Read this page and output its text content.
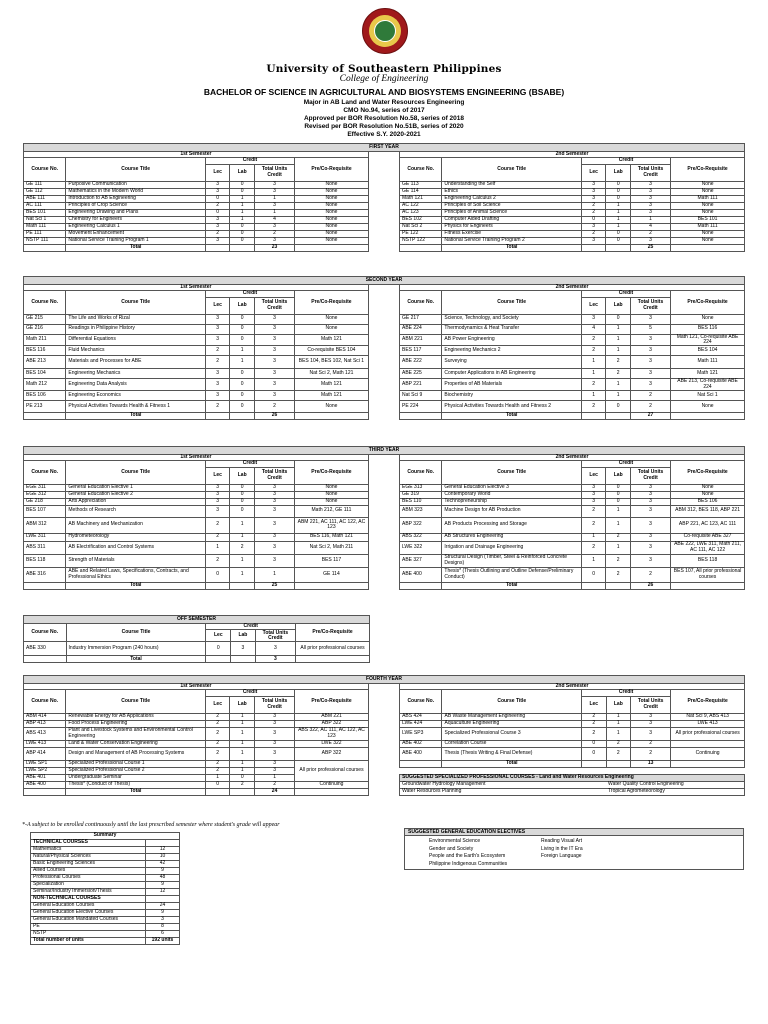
University of Southeastern Philippines
College of Engineering
BACHELOR OF SCIENCE IN AGRICULTURAL AND BIOSYSTEMS ENGINEERING (BSABE)
Major in AB Land and Water Resources Engineering
CMO No.94, series of 2017
Approved per BOR Resolution No.58, series of 2018
Revised per BOR Resolution No.51B, series of 2020
Effective S.Y. 2020-2021
FIRST YEAR												
1st Semester							2nd Semester					
Course No.	Course Title	Credit			Pre/Co-Requisite		Course No.	Course Title	Credit			Pre/Co-Requisite
		Lec	Lab	Total Units Credit					Lec	Lab	Total Units Credit	
GE 111	Purposive Communication	3	0	3	None		GE 113	Understanding the Self	3	0	3	None
GE 112	Mathematics in the Modern World	3	0	3	None		GE 114	Ethics	3	0	3	None
ABE 111	Introduction to AB Engineering	0	1	1	None		Math 121	Engineering Calculus 2	3	0	3	Math 111
AC 111	Principles of Crop Science	2	1	3	None		AC 122	Principles of Soil Science	2	1	3	None
BES 101	Engineering Drawing and Plans	0	1	1	None		AC 123	Principles of Animal Science	2	1	3	None
Nat Sci 1	Chemistry for Engineers	3	1	4	None		BES 102	Computer Aided Drafting	0	1	1	BES 101
Math 111	Engineering Calculus 1	3	0	3	None		Nat Sci 2	Physics for Engineers	3	1	4	Math 111
PE 111	Movement Enhancement	2	0	2	None		PE 122	Fitness Exercise	2	0	2	None
NSTP 111	National Service Training Program 1	3	0	3	None		NSTP 122	National Service Training Program 2	3	0	3	None
	Total			23				Total			25	
SECOND YEAR												
1st Semester							2nd Semester					
Course No.	Course Title	Credit			Pre/Co-Requisite		Course No.	Course Title	Credit			Pre/Co-Requisite
		Lec	Lab	Total Units Credit					Lec	Lab	Total Units Credit	
GE 215	The Life and Works of Rizal	3	0	3	None		GE 217	Science, Technology, and Society	3	0	3	None
GE 216	Readings in Philippine History	3	0	3	None		ABE 224	Thermodynamics & Heat Transfer	4	1	5	BES 116
Math 211	Differential Equations	3	0	3	Math 121		ABM 221	AB Power Engineering	2	1	3	Math 121, Co-requisite ABE 224
BES 116	Fluid Mechanics	2	1	3	Co-requisite BES 104		BES 117	Engineering Mechanics 2	2	1	3	BES 104
ABE 213	Materials and Processes for ABE	2	1	3	BES 104, BES 102, Nat Sci 1		ABE 222	Surveying	1	2	3	Math 111
BES 104	Engineering Mechanics	3	0	3	Nat Sci 2, Math 121		ABE 225	Computer Applications in AB Engineering	1	2	3	Math 121
Math 212	Engineering Data Analysis	3	0	3	Math 121		ABP 221	Properties of AB Materials	2	1	3	ABE 213, Co-requisite ABE 224
BES 106	Engineering Economics	3	0	3	Math 121		Nat Sci 9	Biochemistry	1	1	2	Nat Sci 1
PE 213	Physical Activities Towards Health & Fitness 1	2	0	2	None		PE 224	Physical Activities Towards Health and Fitness 2	2	0	2	None
	Total			26				Total			27	
THIRD YEAR												
1st Semester							2nd Semester					
Course No.	Course Title	Credit			Pre/Co-Requisite		Course No.	Course Title	Credit			Pre/Co-Requisite
		Lec	Lab	Total Units Credit					Lec	Lab	Total Units Credit	
EGE 311	General Education Elective 1	3	0	3	None		EGE 313	General Education Elective 3	3	0	3	None
EGE 312	General Education Elective 2	3	0	3	None		GE 319	Contemporary World	3	0	3	None
GE 218	Arts Appreciation	3	0	3	None		BES 110	Technopreneurship	3	0	3	BES 106
BES 107	Methods of Research	3	0	3	Math 212, GE 111		ABM 323	Machine Design for AB Production	2	1	3	ABM 312, BES 118, ABP 221
ABM 312	AB Machinery and Mechanization	2	1	3	ABM 221, AC 111, AC 122, AC 123		ABP 322	AB Products Processing and Storage	2	1	3	ABP 221, AC 123, AC 111
LWE 311	Hydrometeorology	2	1	3	BES 116, Math 121		ABS 322	AB Structures Engineering	1	2	3	Co-requisite ABE 327
ABS 311	AB Electrification and Control Systems	1	2	3	Nat Sci 2, Math 211		LWE 322	Irrigation and Drainage Engineering	2	1	3	ABE 222, LWE 311, Math 211, AC 111, AC 122
BES 118	Strength of Materials	2	1	3	BES 117		ABE 327	Structural Design (Timber, Steel & Reinforced Concrete Designs)	1	2	3	BES 118
ABE 316	ABE and Related Laws, Specifications, Contracts, and Professional Ethics	0	1	1	GE 114		ABE 400	Thesis* (Thesis Outlining and Outline Defense/Preliminary Conduct)	0	2	2	BES 107, All prior professional courses
	Total			25				Total			26	
OFF SEMESTER					
Course No.	Course Title	Credit			Pre/Co-Requisite
		Lec	Lab	Total Units Credit	
ABE 330	Industry Immersion Program (240 hours)	0	3	3	All prior professional courses
	Total			3	
FOURTH YEAR												
1st Semester							2nd Semester					
Course No.	Course Title	Credit			Pre/Co-Requisite		Course No.	Course Title	Credit			Pre/Co-Requisite
		Lec	Lab	Total Units Credit					Lec	Lab	Total Units Credit	
ABM 414	Renewable Energy for AB Applications	2	1	3	ABM 221		ABS 424	AB Waste Management Engineering	2	1	3	Nat Sci 9, ABS 413
ABP 413	Food Process Engineering	2	1	3	ABP 322		LWE 424	Aquaculture Engineering	2	1	3	LWE 413
ABS 413	Plant and Livestock Systems and Environmental Control Engineering	2	1	3	ABS 322, AC 111, AC 122, AC 123		LWE SP3	Specialized Professional Course 3	2	1	3	All prior professional courses
LWE 413	Land & Water Conservation Engineering	2	1	3	LWE 322		ABE 402	Correlation Course	0	2	2	
ABP 414	Design and Management of AB Processing Systems	2	1	3	ABP 322		ABE 400	Thesis (Thesis Writing & Final Defense)	0	2	2	Continuing
LWE SP1	Specialized Professional Course 1	2	1	3	All prior professional courses			Total			13	
LWE SP2	Specialized Professional Course 2	2	1	3								
ABE 401	Undergraduate Seminar	1	0	1			SUGGESTED SPECIALIZED PROFESSIONAL COURSES - Land and Water Resources Engineering					
ABE 400	Thesis* (Conduct of Thesis)	0	2	2	Continuing		Groundwater Hydrology Management			Water Quality Control Engineering		
	Total			24			Water Resources Planning			Tropical Agrometeorology		
*-A subject to be enrolled continuously until the last prescribed semester where student's grade will appear
Summary	
TECHNICAL COURSES	
Mathematics	12
Natural/Physical Sciences	10
Basic Engineering Sciences	42
Allied Courses	9
Professional Courses	48
Specialization	9
Seminar/Industry Immersion/Thesis	12
NON-TECHNICAL COURSES	
General Education Courses	24
General Education Elective Courses	9
General Education Mandated Courses	3
PE	8
NSTP	6
Total number of units	192 units
SUGGESTED GENERAL EDUCATION ELECTIVES
Environmental Science
Gender and Society
People and the Earth's Ecosystem
Philippine Indigenous Communities
Reading Visual Art
Living in the IT Era
Foreign Language
